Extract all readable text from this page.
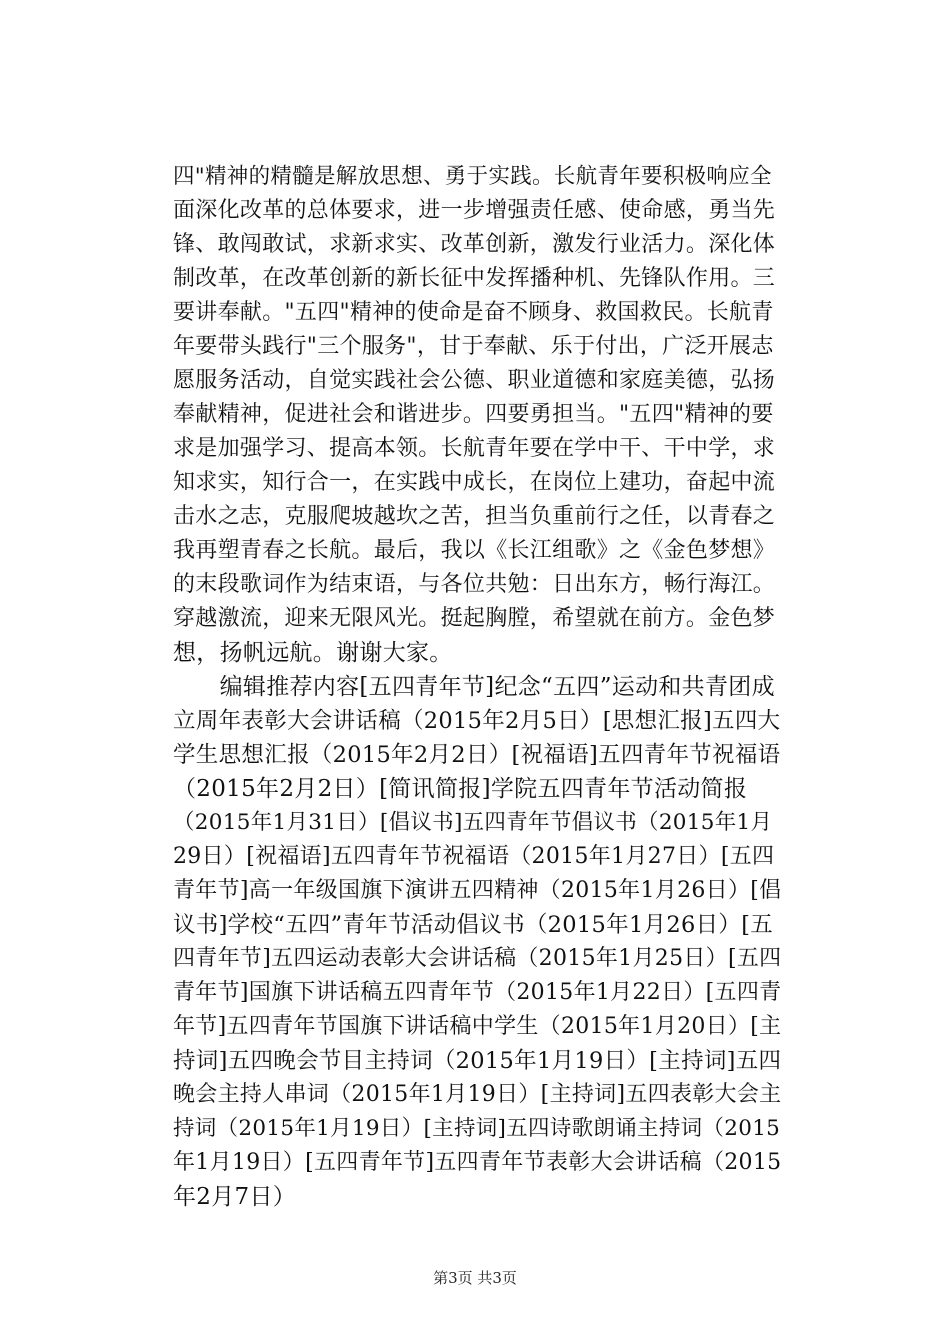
四"精神的精髓是解放思想、勇于实践。长航青年要积极响应全
面深化改革的总体要求，进一步增强责任感、使命感，勇当先
锋、敢闯敢试，求新求实、改革创新，激发行业活力。深化体
制改革，在改革创新的新长征中发挥播种机、先锋队作用。三
要讲奉献。"五四"精神的使命是奋不顾身、救国救民。长航青
年要带头践行"三个服务"，甘于奉献、乐于付出，广泛开展志
愿服务活动，自觉实践社会公德、职业道德和家庭美德，弘扬
奉献精神，促进社会和谐进步。四要勇担当。"五四"精神的要
求是加强学习、提高本领。长航青年要在学中干、干中学，求
知求实，知行合一，在实践中成长，在岗位上建功，奋起中流
击水之志，克服爬坡越坎之苦，担当负重前行之任，以青春之
我再塑青春之长航。最后，我以《长江组歌》之《金色梦想》
的末段歌词作为结束语，与各位共勉：日出东方，畅行海江。
穿越激流，迎来无限风光。挺起胸膛，希望就在前方。金色梦
想，扬帆远航。谢谢大家。
　　编辑推荐内容[五四青年节]纪念“五四”运动和共青团成
立周年表彰大会讲话稿（2015年2月5日）[思想汇报]五四大
学生思想汇报（2015年2月2日）[祝福语]五四青年节祝福语
（2015年2月2日）[简讯简报]学院五四青年节活动简报
（2015年1月31日）[倡议书]五四青年节倡议书（2015年1月
29日）[祝福语]五四青年节祝福语（2015年1月27日）[五四
青年节]高一年级国旗下演讲五四精神（2015年1月26日）[倡
议书]学校“五四”青年节活动倡议书（2015年1月26日）[五
四青年节]五四运动表彰大会讲话稿（2015年1月25日）[五四
青年节]国旗下讲话稿五四青年节（2015年1月22日）[五四青
年节]五四青年节国旗下讲话稿中学生（2015年1月20日）[主
持词]五四晚会节目主持词（2015年1月19日）[主持词]五四
晚会主持人串词（2015年1月19日）[主持词]五四表彰大会主
持词（2015年1月19日）[主持词]五四诗歌朗诵主持词（2015
年1月19日）[五四青年节]五四青年节表彰大会讲话稿（2015
年2月7日）
第3页 共3页
